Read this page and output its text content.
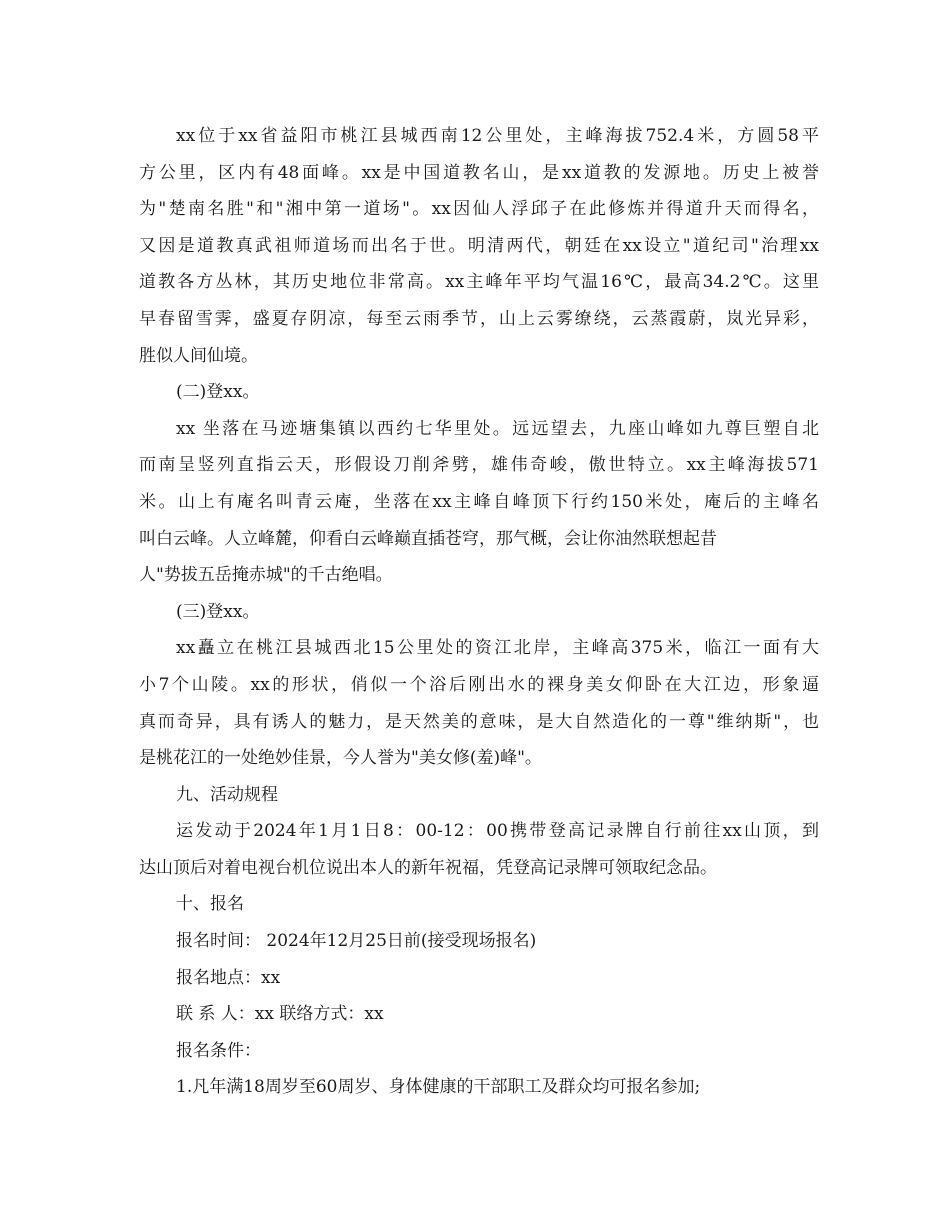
xx位于xx省益阳市桃江县城西南12公里处，主峰海拔752.4米，方圆58平
方公里，区内有48面峰。xx是中国道教名山，是xx道教的发源地。历史上被誉
为"楚南名胜"和"湘中第一道场"。xx因仙人浮邱子在此修炼并得道升天而得名，
又因是道教真武祖师道场而出名于世。明清两代，朝廷在xx设立"道纪司"治理xx
道教各方丛林，其历史地位非常高。xx主峰年平均气温16℃，最高34.2℃。这里
早春留雪霁，盛夏存阴凉，每至云雨季节，山上云雾缭绕，云蒸霞蔚，岚光异彩，
胜似人间仙境。
(二)登xx。
xx 坐落在马迹塘集镇以西约七华里处。远远望去，九座山峰如九尊巨塑自北
而南呈竖列直指云天，形假设刀削斧劈，雄伟奇峻，傲世特立。xx主峰海拔571
米。山上有庵名叫青云庵，坐落在xx主峰自峰顶下行约150米处，庵后的主峰名
叫白云峰。人立峰麓，仰看白云峰巅直插苍穹，那气概，会让你油然联想起昔
人"势拔五岳掩赤城"的千古绝唱。
(三)登xx。
xx矗立在桃江县城西北15公里处的资江北岸，主峰高375米，临江一面有大
小7个山陵。xx的形状，俏似一个浴后刚出水的裸身美女仰卧在大江边，形象逼
真而奇异，具有诱人的魅力，是天然美的意味，是大自然造化的一尊"维纳斯"，也
是桃花江的一处绝妙佳景，今人誉为"美女修(羞)峰"。
九、活动规程
运发动于2024年1月1日8：00-12：00携带登高记录牌自行前往xx山顶，到
达山顶后对着电视台机位说出本人的新年祝福，凭登高记录牌可领取纪念品。
十、报名
报名时间： 2024年12月25日前(接受现场报名)
报名地点：xx
联 系 人：xx 联络方式：xx
报名条件：
1.凡年满18周岁至60周岁、身体健康的干部职工及群众均可报名参加;
